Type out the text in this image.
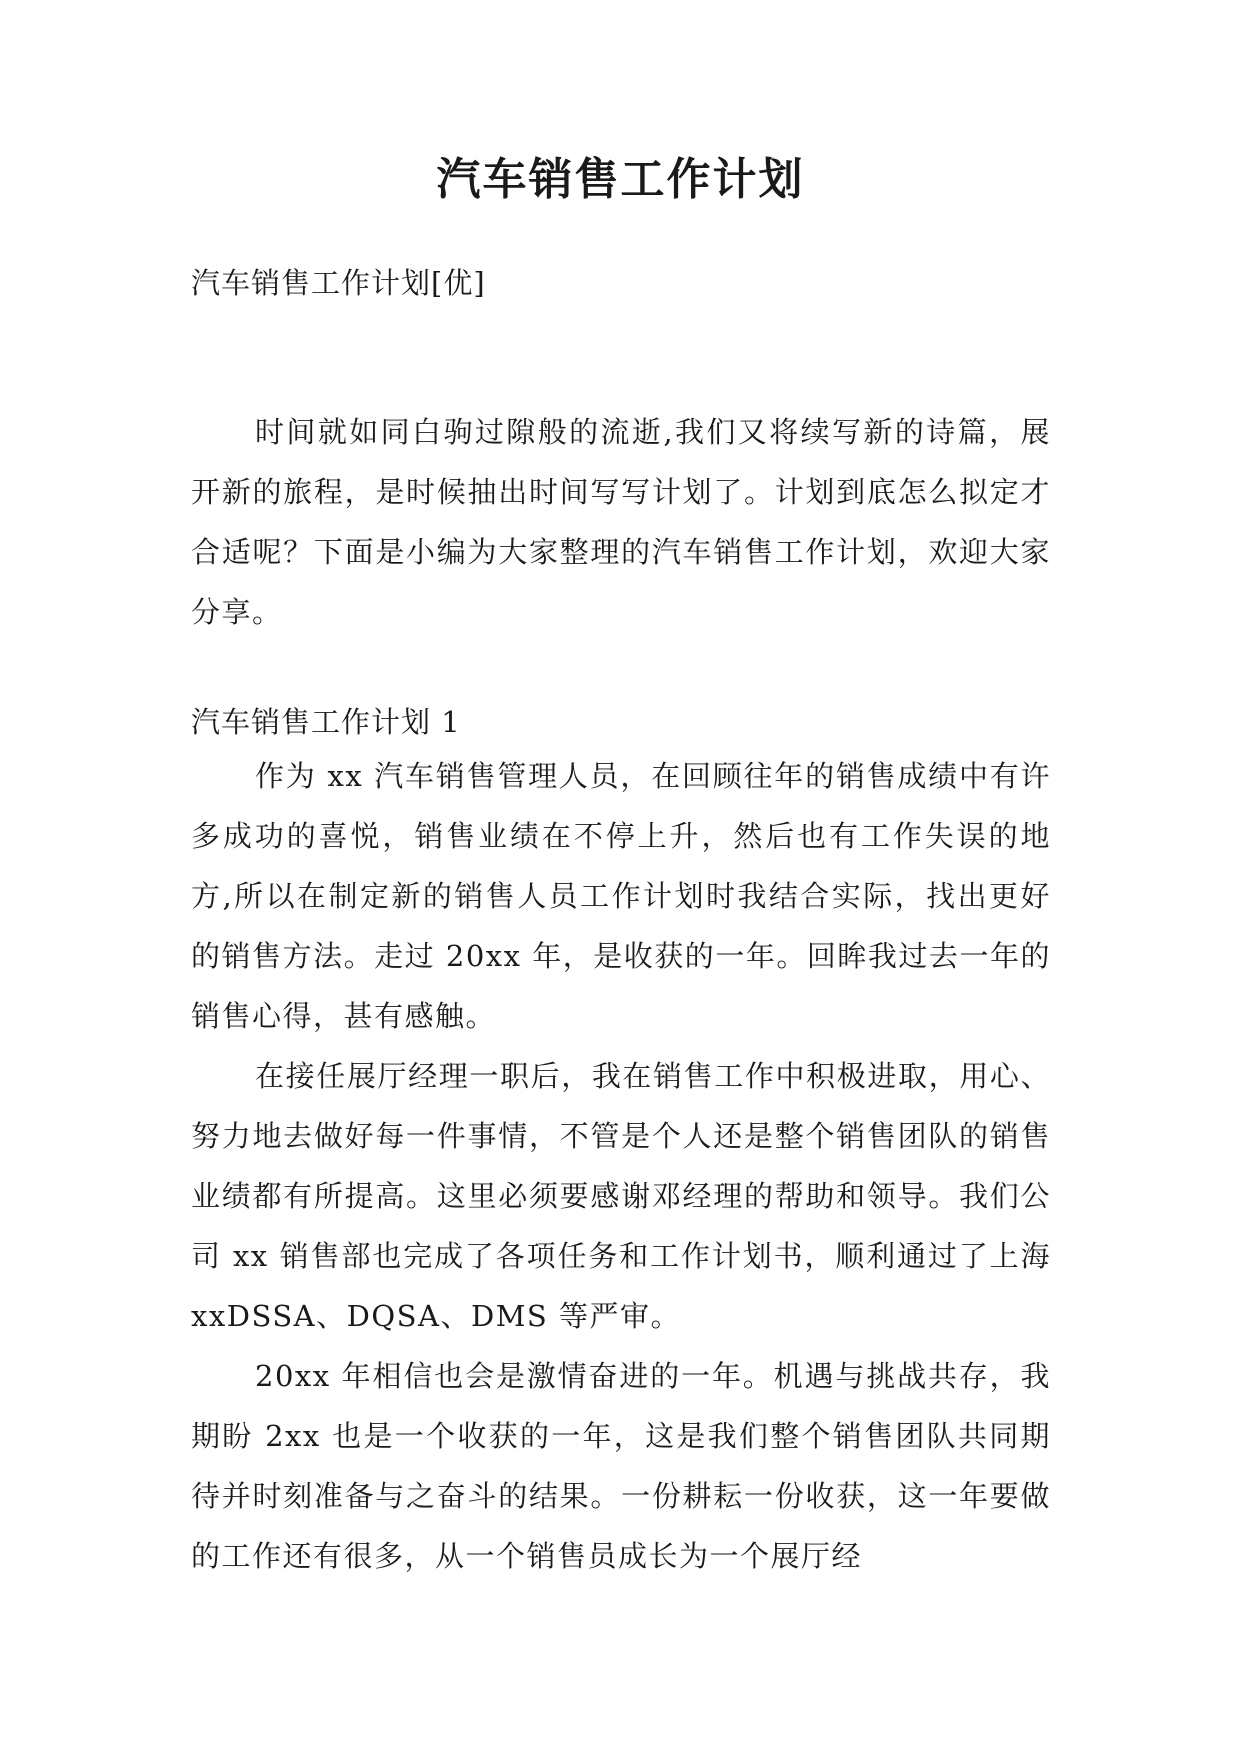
汽车销售工作计划
汽车销售工作计划[优]
时间就如同白驹过隙般的流逝,我们又将续写新的诗篇，展开新的旅程，是时候抽出时间写写计划了。计划到底怎么拟定才合适呢？下面是小编为大家整理的汽车销售工作计划，欢迎大家分享。
汽车销售工作计划 1

作为 xx 汽车销售管理人员，在回顾往年的销售成绩中有许多成功的喜悦，销售业绩在不停上升，然后也有工作失误的地方,所以在制定新的销售人员工作计划时我结合实际，找出更好的销售方法。走过 20xx 年，是收获的一年。回眸我过去一年的销售心得，甚有感触。

在接任展厅经理一职后，我在销售工作中积极进取，用心、努力地去做好每一件事情，不管是个人还是整个销售团队的销售业绩都有所提高。这里必须要感谢邓经理的帮助和领导。我们公司 xx 销售部也完成了各项任务和工作计划书，顺利通过了上海 xxDSSA、DQSA、DMS 等严审。

20xx 年相信也会是激情奋进的一年。机遇与挑战共存，我期盼 2xx 也是一个收获的一年，这是我们整个销售团队共同期待并时刻准备与之奋斗的结果。一份耕耘一份收获，这一年要做的工作还有很多，从一个销售员成长为一个展厅经
